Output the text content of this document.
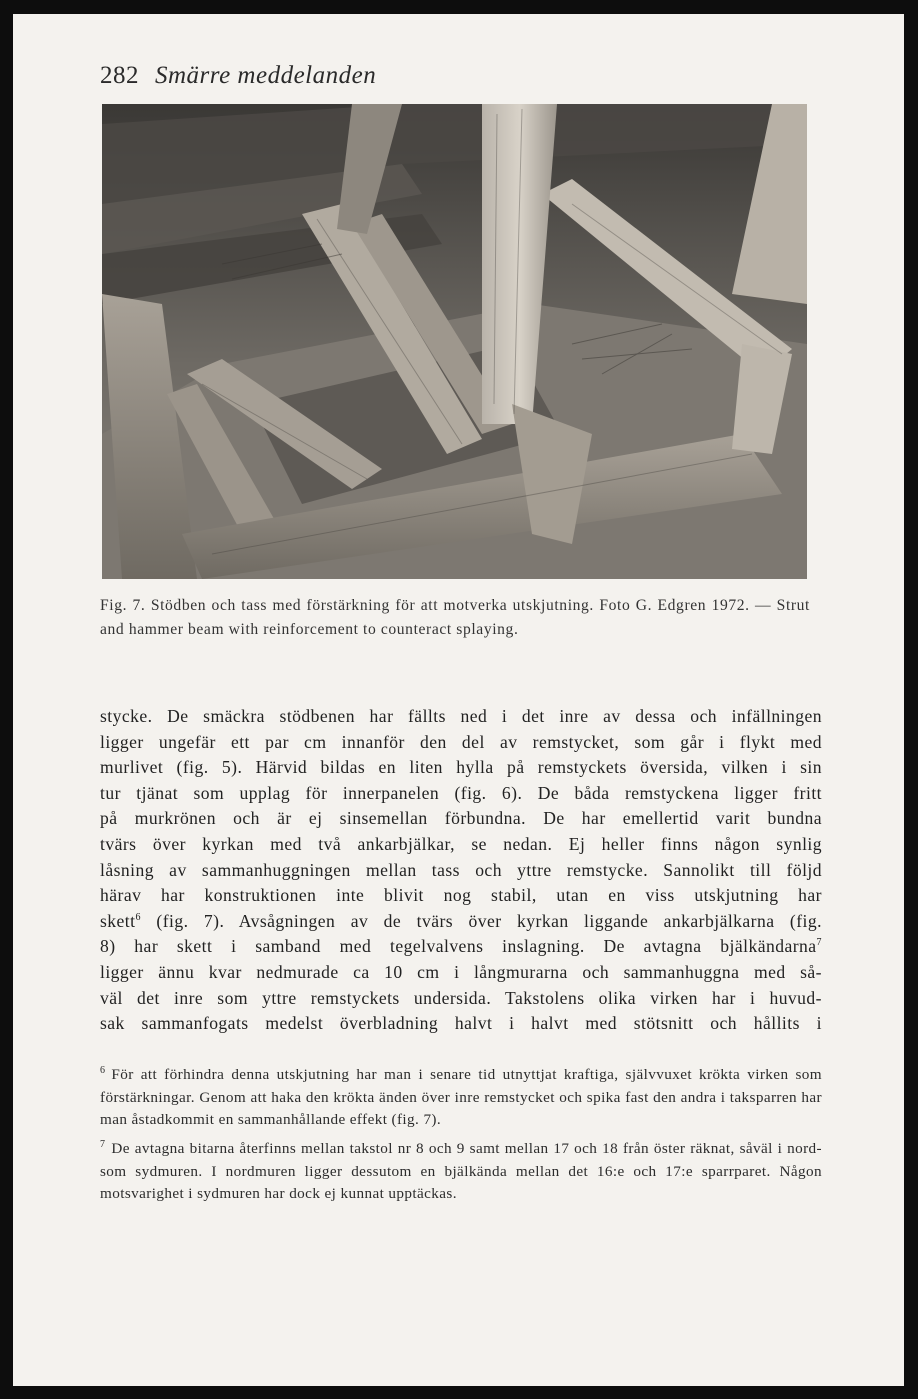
282 Smärre meddelanden

Fig. 7. Stödben och tass med förstärkning för att motverka utskjutning. Foto G. Edgren 1972. — Strut and hammer beam with reinforcement to counteract splaying.

stycke. De smäckra stödbenen har fällts ned i det inre av dessa och infällningen
ligger ungefär ett par cm innanför den del av remstycket, som går i flykt med
murlivet (fig. 5). Härvid bildas en liten hylla på remstyckets översida, vilken i sin
tur tjänat som upplag för innerpanelen (fig. 6). De båda remstyckena ligger fritt
på murkrönen och är ej sinsemellan förbundna. De har emellertid varit bundna
tvärs över kyrkan med två ankarbjälkar, se nedan. Ej heller finns någon synlig
låsning av sammanhuggningen mellan tass och yttre remstycke. Sannolikt till följd
härav har konstruktionen inte blivit nog stabil, utan en viss utskjutning har
skett$^6$ (fig. 7). Avsågningen av de tvärs över kyrkan liggande ankarbjälkarna (fig.
8) har skett i samband med tegelvalvens inslagning. De avtagna bjälkändarna$^7$
ligger ännu kvar nedmurade ca 10 cm i långmurarna och sammanhuggna med så-
väl det inre som yttre remstyckets undersida. Takstolens olika virken har i huvud-
sak sammanfogats medelst överbladning halvt i halvt med stötsnitt och hållits i

$^6$ För att förhindra denna utskjutning har man i senare tid utnyttjat kraftiga, självvuxet krökta virken som förstärkningar. Genom att haka den krökta änden över inre remstycket och spika fast den andra i taksparren har man åstadkommit en sammanhållande effekt (fig. 7).

$^7$ De avtagna bitarna återfinns mellan takstol nr 8 och 9 samt mellan 17 och 18 från öster räknat, såväl i nord- som sydmuren. I nordmuren ligger dessutom en bjälkända mellan det 16:e och 17:e sparrparet. Någon motsvarighet i sydmuren har dock ej kunnat upptäckas.
